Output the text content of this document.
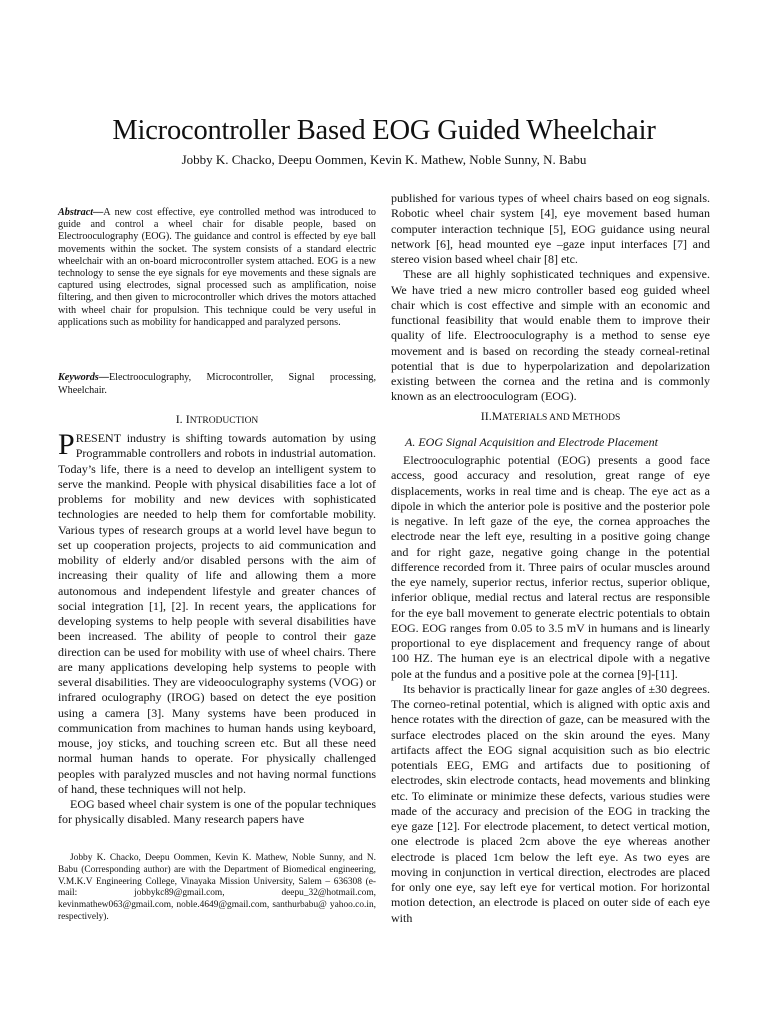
Microcontroller Based EOG Guided Wheelchair
Jobby K. Chacko, Deepu Oommen, Kevin K. Mathew, Noble Sunny, N. Babu
Abstract—A new cost effective, eye controlled method was introduced to guide and control a wheel chair for disable people, based on Electrooculography (EOG). The guidance and control is effected by eye ball movements within the socket. The system consists of a standard electric wheelchair with an on-board microcontroller system attached. EOG is a new technology to sense the eye signals for eye movements and these signals are captured using electrodes, signal processed such as amplification, noise filtering, and then given to microcontroller which drives the motors attached with wheel chair for propulsion. This technique could be very useful in applications such as mobility for handicapped and paralyzed persons.
Keywords—Electrooculography, Microcontroller, Signal processing, Wheelchair.
I. INTRODUCTION

PRESENT industry is shifting towards automation by using Programmable controllers and robots in industrial automation. Today’s life, there is a need to develop an intelligent system to serve the mankind. People with physical disabilities face a lot of problems for mobility and new devices with sophisticated technologies are needed to help them for comfortable mobility. Various types of research groups at a world level have begun to set up cooperation projects, projects to aid communication and mobility of elderly and/or disabled persons with the aim of increasing their quality of life and allowing them a more autonomous and independent lifestyle and greater chances of social integration [1], [2]. In recent years, the applications for developing systems to help people with several disabilities have been increased. The ability of people to control their gaze direction can be used for mobility with use of wheel chairs. There are many applications developing help systems to people with several disabilities. They are videooculography systems (VOG) or infrared oculography (IROG) based on detect the eye position using a camera [3]. Many systems have been produced in communication from machines to human hands using keyboard, mouse, joy sticks, and touching screen etc. But all these need normal human hands to operate. For physically challenged peoples with paralyzed muscles and not having normal functions of hand, these techniques will not help.

EOG based wheel chair system is one of the popular techniques for physically disabled. Many research papers have

Jobby K. Chacko, Deepu Oommen, Kevin K. Mathew, Noble Sunny, and N. Babu (Corresponding author) are with the Department of Biomedical engineering, V.M.K.V Engineering College, Vinayaka Mission University, Salem – 636308 (e-mail: jobbykc89@gmail.com, deepu_32@hotmail.com, kevinmathew063@gmail.com, noble.4649@gmail.com, santhurbabu@ yahoo.co.in, respectively).

published for various types of wheel chairs based on eog signals. Robotic wheel chair system [4], eye movement based human computer interaction technique [5], EOG guidance using neural network [6], head mounted eye –gaze input interfaces [7] and stereo vision based wheel chair [8] etc.

These are all highly sophisticated techniques and expensive. We have tried a new micro controller based eog guided wheel chair which is cost effective and simple with an economic and functional feasibility that would enable them to improve their quality of life. Electrooculography is a method to sense eye movement and is based on recording the steady corneal-retinal potential that is due to hyperpolarization and depolarization existing between the cornea and the retina and is commonly known as an electrooculogram (EOG).

II.MATERIALS AND METHODS
A. EOG Signal Acquisition and Electrode Placement

Electrooculographic potential (EOG) presents a good face access, good accuracy and resolution, great range of eye displacements, works in real time and is cheap. The eye act as a dipole in which the anterior pole is positive and the posterior pole is negative. In left gaze of the eye, the cornea approaches the electrode near the left eye, resulting in a positive going change and for right gaze, negative going change in the potential difference recorded from it. Three pairs of ocular muscles around the eye namely, superior rectus, inferior rectus, superior oblique, inferior oblique, medial rectus and lateral rectus are responsible for the eye ball movement to generate electric potentials to obtain EOG. EOG ranges from 0.05 to 3.5 mV in humans and is linearly proportional to eye displacement and frequency range of about 100 HZ. The human eye is an electrical dipole with a negative pole at the fundus and a positive pole at the cornea [9]-[11].

Its behavior is practically linear for gaze angles of ±30 degrees. The corneo-retinal potential, which is aligned with optic axis and hence rotates with the direction of gaze, can be measured with the surface electrodes placed on the skin around the eyes. Many artifacts affect the EOG signal acquisition such as bio electric potentials EEG, EMG and artifacts due to positioning of electrodes, skin electrode contacts, head movements and blinking etc. To eliminate or minimize these defects, various studies were made of the accuracy and precision of the EOG in tracking the eye gaze [12]. For electrode placement, to detect vertical motion, one electrode is placed 2cm above the eye whereas another electrode is placed 1cm below the left eye. As two eyes are moving in conjunction in vertical direction, electrodes are placed for only one eye, say left eye for vertical motion. For horizontal motion detection, an electrode is placed on outer side of each eye with
